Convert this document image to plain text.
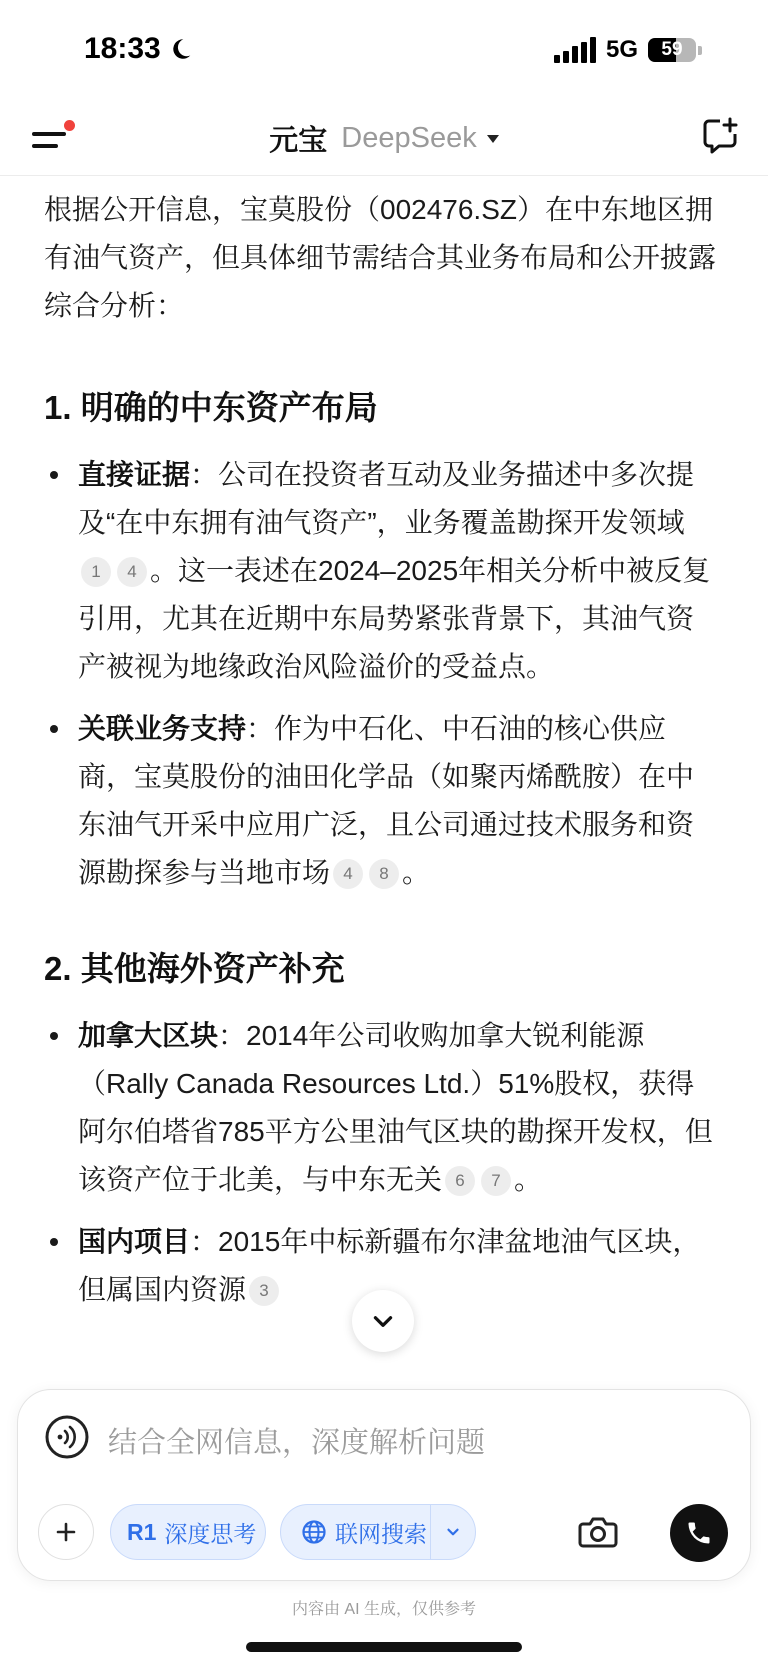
18:33	5G	59
元宝 DeepSeek

根据公开信息，宝莫股份（002476.SZ）在中东地区拥有油气资产，但具体细节需结合其业务布局和公开披露综合分析：

1. 明确的中东资产布局
直接证据：公司在投资者互动及业务描述中多次提及“在中东拥有油气资产”，业务覆盖勘探开发领域1 4 。这一表述在2024–2025年相关分析中被反复引用，尤其在近期中东局势紧张背景下，其油气资产被视为地缘政治风险溢价的受益点。
关联业务支持：作为中石化、中石油的核心供应商，宝莫股份的油田化学品（如聚丙烯酰胺）在中东油气开采中应用广泛，且公司通过技术服务和资源勘探参与当地市场 4 8 。
2. 其他海外资产补充
加拿大区块：2014年公司收购加拿大锐利能源（Rally Canada Resources Ltd.）51%股权，获得阿尔伯塔省785平方公里油气区块的勘探开发权，但该资产位于北美，与中东无关 6 7 。
国内项目：2015年中标新疆布尔津盆地油气区块，但属国内资源 3
结合全网信息，深度解析问题
R1 深度思考	联网搜索
内容由 AI 生成，仅供参考
